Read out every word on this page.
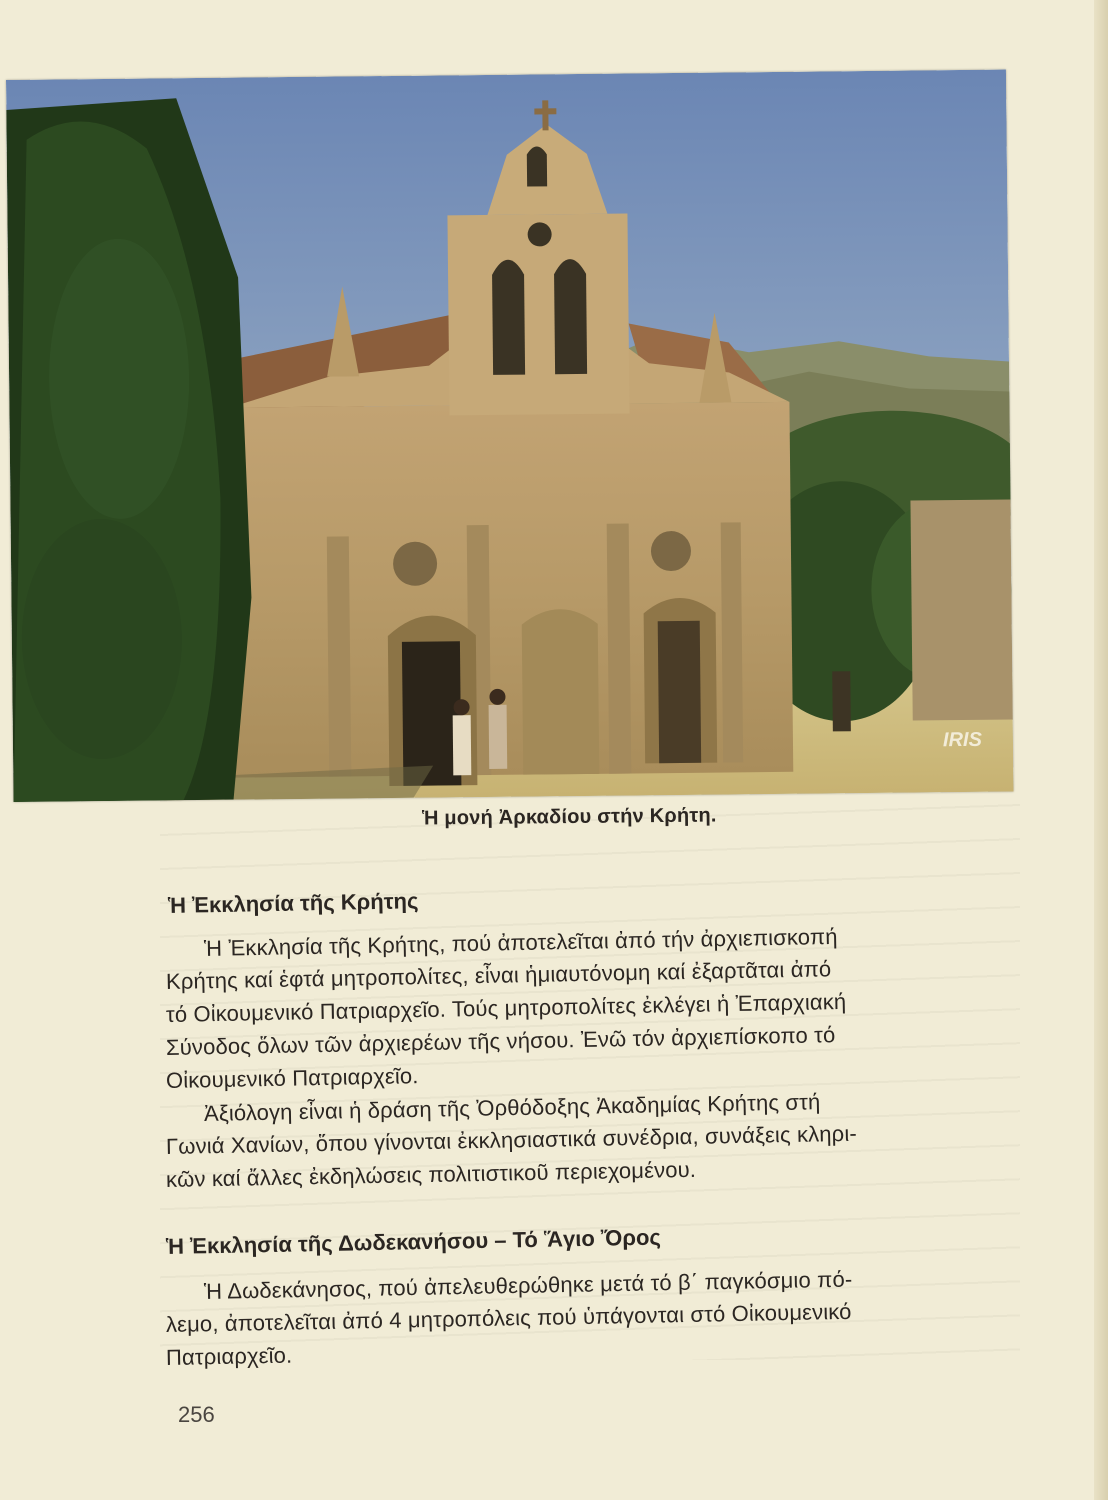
IRIS
Ἡ μονή Ἀρκαδίου στήν Κρήτη.
Ἡ Ἐκκλησία τῆς Κρήτης
Ἡ Ἐκκλησία τῆς Κρήτης, πού ἀποτελεῖται ἀπό τήν ἀρχιεπισκοπή
Κρήτης καί ἑφτά μητροπολίτες, εἶναι ἡμιαυτόνομη καί ἐξαρτᾶται ἀπό
τό Οἰκουμενικό Πατριαρχεῖο. Τούς μητροπολίτες ἐκλέγει ἡ Ἐπαρχιακή
Σύνοδος ὅλων τῶν ἀρχιερέων τῆς νήσου. Ἐνῶ τόν ἀρχιεπίσκοπο τό
Οἰκουμενικό Πατριαρχεῖο.
Ἀξιόλογη εἶναι ἡ δράση τῆς Ὀρθόδοξης Ἀκαδημίας Κρήτης στή
Γωνιά Χανίων, ὅπου γίνονται ἐκκλησιαστικά συνέδρια, συνάξεις κληρι-
κῶν καί ἄλλες ἐκδηλώσεις πολιτιστικοῦ περιεχομένου.
Ἡ Ἐκκλησία τῆς Δωδεκανήσου – Τό Ἅγιο Ὄρος
Ἡ Δωδεκάνησος, πού ἀπελευθερώθηκε μετά τό β΄ παγκόσμιο πό-
λεμο, ἀποτελεῖται ἀπό 4 μητροπόλεις πού ὑπάγονται στό Οἰκουμενικό
Πατριαρχεῖο.
256
